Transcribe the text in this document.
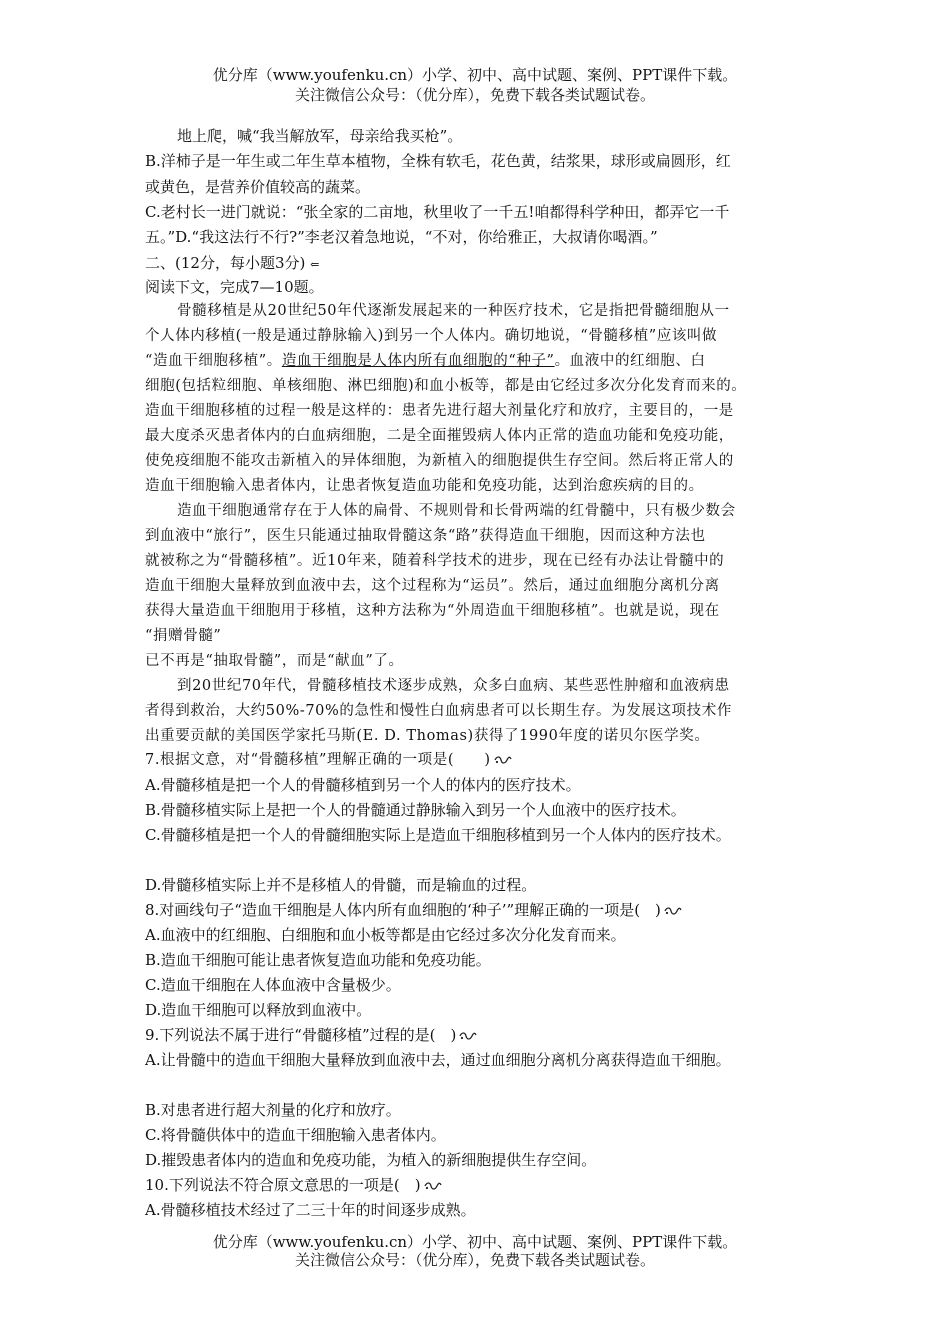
优分库（www.youfenku.cn）小学、初中、高中试题、案例、PPT课件下载。
关注微信公众号：（优分库），免费下载各类试题试卷。
地上爬，喊“我当解放军，母亲给我买枪”。
B.洋柿子是一年生或二年生草本植物，全株有软毛，花色黄，结浆果，球形或扁圆形，红
或黄色，是营养价值较高的蔬菜。
C.老村长一进门就说：“张全家的二亩地，秋里收了一千五!咱都得科学种田，都弄它一千
五。”D.“我这法行不行?”李老汉着急地说，“不对，你给雅正，大叔请你喝酒。”
二、(12分，每小题3分) ⇐
阅读下文，完成7—10题。
骨髓移植是从20世纪50年代逐渐发展起来的一种医疗技术，它是指把骨髓细胞从一
个人体内移植(一般是通过静脉输入)到另一个人体内。确切地说，“骨髓移植”应该叫做
“造血干细胞移植”。造血干细胞是人体内所有血细胞的“种子”。血液中的红细胞、白
细胞(包括粒细胞、单核细胞、淋巴细胞)和血小板等，都是由它经过多次分化发育而来的。
造血干细胞移植的过程一般是这样的：患者先进行超大剂量化疗和放疗，主要目的，一是
最大度杀灭患者体内的白血病细胞，二是全面摧毁病人体内正常的造血功能和免疫功能，
使免疫细胞不能攻击新植入的异体细胞，为新植入的细胞提供生存空间。然后将正常人的
造血干细胞输入患者体内，让患者恢复造血功能和免疫功能，达到治愈疾病的目的。
造血干细胞通常存在于人体的扁骨、不规则骨和长骨两端的红骨髓中，只有极少数会
到血液中“旅行”，医生只能通过抽取骨髓这条“路”获得造血干细胞，因而这种方法也
就被称之为“骨髓移植”。近10年来，随着科学技术的进步，现在已经有办法让骨髓中的
造血干细胞大量释放到血液中去，这个过程称为“运员”。然后，通过血细胞分离机分离
获得大量造血干细胞用于移植，这种方法称为“外周造血干细胞移植”。也就是说，现在
“捐赠骨髓”
已不再是“抽取骨髓”，而是“献血”了。
到20世纪70年代，骨髓移植技术逐步成熟，众多白血病、某些恶性肿瘤和血液病患
者得到救治，大约50%-70%的急性和慢性白血病患者可以长期生存。为发展这项技术作
出重要贡献的美国医学家托马斯(E. D. Thomas)获得了1990年度的诺贝尔医学奖。
7.根据文意，对“骨髓移植”理解正确的一项是(　　)
A.骨髓移植是把一个人的骨髓移植到另一个人的体内的医疗技术。
B.骨髓移植实际上是把一个人的骨髓通过静脉输入到另一个人血液中的医疗技术。
C.骨髓移植是把一个人的骨髓细胞实际上是造血干细胞移植到另一个人体内的医疗技术。
D.骨髓移植实际上并不是移植人的骨髓，而是输血的过程。
8.对画线句子“造血干细胞是人体内所有血细胞的‘种子’”理解正确的一项是(　)
A.血液中的红细胞、白细胞和血小板等都是由它经过多次分化发育而来。
B.造血干细胞可能让患者恢复造血功能和免疫功能。
C.造血干细胞在人体血液中含量极少。
D.造血干细胞可以释放到血液中。
9.下列说法不属于进行“骨髓移植”过程的是(　)
A.让骨髓中的造血干细胞大量释放到血液中去，通过血细胞分离机分离获得造血干细胞。
B.对患者进行超大剂量的化疗和放疗。
C.将骨髓供体中的造血干细胞输入患者体内。
D.摧毁患者体内的造血和免疫功能，为植入的新细胞提供生存空间。
10.下列说法不符合原文意思的一项是(　)
A.骨髓移植技术经过了二三十年的时间逐步成熟。
优分库（www.youfenku.cn）小学、初中、高中试题、案例、PPT课件下载。
关注微信公众号：（优分库），免费下载各类试题试卷。
